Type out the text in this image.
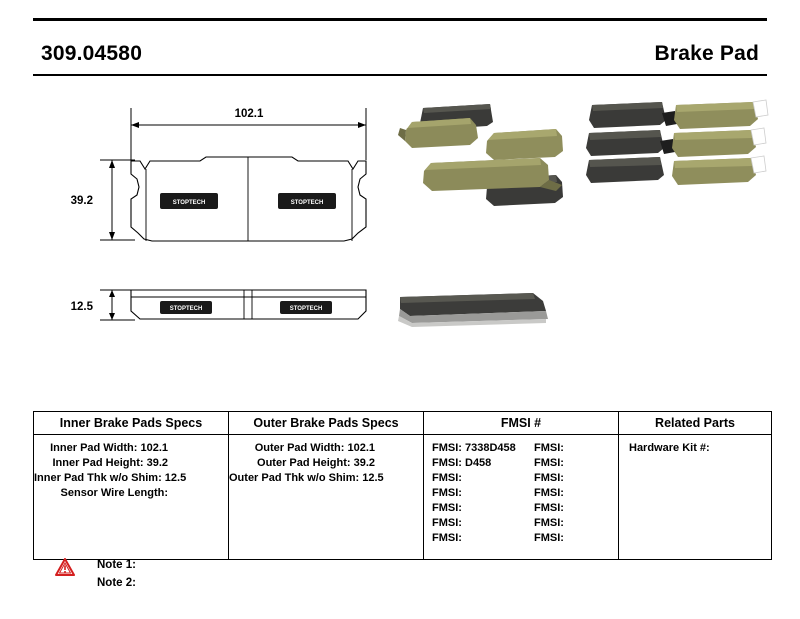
309.04580	Brake Pad
102.1
39.2	STOPTECH	STOPTECH
12.5	STOPTECH	STOPTECH
Inner Brake Pads Specs	Outer Brake Pads Specs	FMSI #	Related Parts

Inner Pad Width: 102.1
Inner Pad Height: 39.2
Inner Pad Thk w/o Shim: 12.5
Sensor Wire Length:

Outer Pad Width: 102.1
Outer Pad Height: 39.2
Outer Pad Thk w/o Shim: 12.5

FMSI: 7338D458	FMSI:
FMSI: D458	FMSI:
FMSI:	FMSI:
FMSI:	FMSI:
FMSI:	FMSI:
FMSI:	FMSI:
FMSI:	FMSI:

Hardware Kit #:
Note 1:
Note 2:
